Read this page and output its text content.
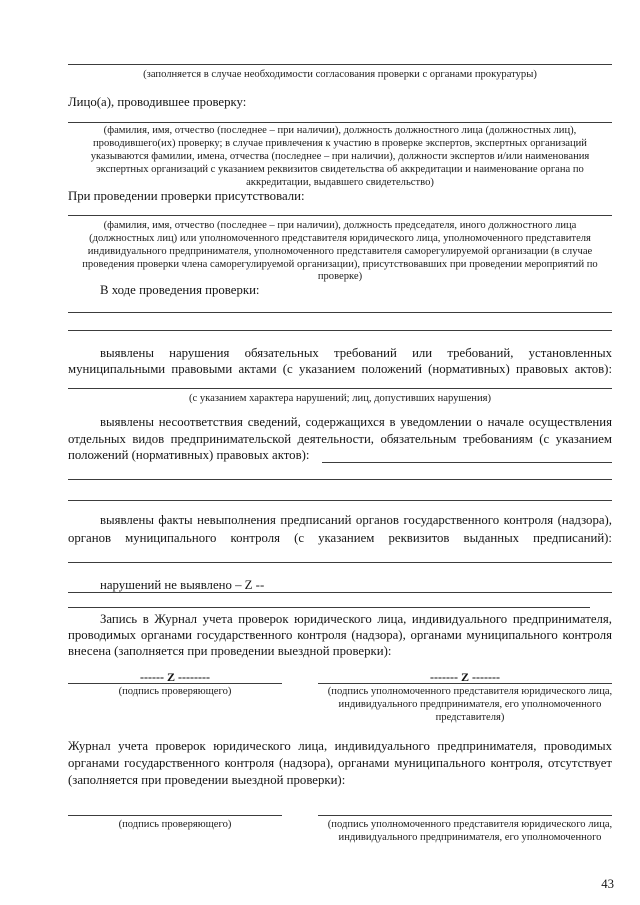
(заполняется в случае необходимости согласования проверки с органами прокуратуры)
Лицо(а), проводившее проверку:
(фамилия, имя, отчество (последнее – при наличии), должность должностного лица (должностных лиц),
проводившего(их) проверку; в случае привлечения к участию в проверке экспертов, экспертных организаций
указываются фамилии, имена, отчества (последнее – при наличии), должности экспертов и/или наименования
экспертных организаций с указанием реквизитов свидетельства об аккредитации и наименование органа по
аккредитации, выдавшего свидетельство)
При проведении проверки присутствовали:
(фамилия, имя, отчество (последнее – при наличии), должность председателя, иного должностного лица
(должностных лиц) или уполномоченного представителя юридического лица, уполномоченного представителя
индивидуального предпринимателя, уполномоченного представителя саморегулируемой организации (в случае
проведения проверки члена саморегулируемой организации), присутствовавших при проведении мероприятий по
проверке)
В ходе проведения проверки:
выявлены нарушения обязательных требований или требований, установленных
муниципальными правовыми актами (с указанием положений (нормативных) правовых актов):
(с указанием характера нарушений; лиц, допустивших нарушения)
выявлены несоответствия сведений, содержащихся в уведомлении о начале осуществления
отдельных видов предпринимательской деятельности, обязательным требованиям (с указанием
положений (нормативных) правовых актов):
выявлены факты невыполнения предписаний органов государственного контроля (надзора),
органов муниципального контроля (с указанием реквизитов выданных предписаний):
нарушений не выявлено – Z --
Запись в Журнал учета проверок юридического лица, индивидуального предпринимателя,
проводимых органами государственного контроля (надзора), органами муниципального контроля
внесена (заполняется при проведении выездной проверки):
------ Z --------	------- Z -------
(подпись проверяющего)	(подпись уполномоченного представителя юридического лица,
индивидуального предпринимателя, его уполномоченного
представителя)
Журнал учета проверок юридического лица, индивидуального предпринимателя, проводимых
органами государственного контроля (надзора), органами муниципального контроля, отсутствует
(заполняется при проведении выездной проверки):
(подпись проверяющего)	(подпись уполномоченного представителя юридического лица,
индивидуального предпринимателя, его уполномоченного
43
